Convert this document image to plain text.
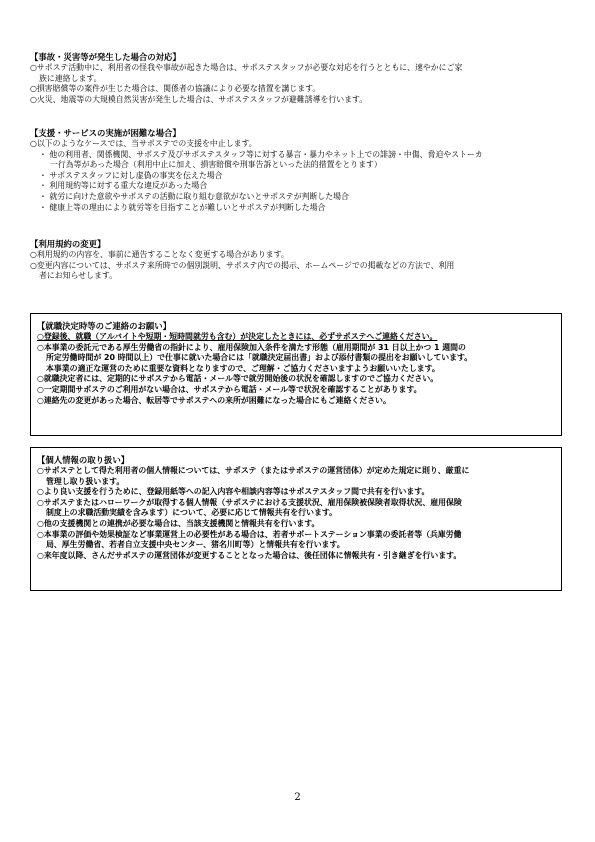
【事故・災害等が発生した場合の対応】
○サポステ活動中に、利用者の怪我や事故が起きた場合は、サポステスタッフが必要な対応を行うとともに、速やかにご家
族に連絡します。
○損害賠償等の案件が生じた場合は、関係者の協議により必要な措置を講じます。
○火災、地震等の大規模自然災害が発生した場合は、サポステスタッフが避難誘導を行います。
【支援・サービスの実施が困難な場合】
○以下のようなケースでは、当サポステでの支援を中止します。
・ 他の利用者、関係機関、サポステ及びサポステスタッフ等に対する暴言・暴力やネット上での誹謗・中傷、脅迫やストーカ
一行為等があった場合（利用中止に加え、損害賠償や刑事告訴といった法的措置をとります）
・ サポステスタッフに対し虚偽の事実を伝えた場合
・ 利用規約等に対する重大な違反があった場合
・ 就労に向けた意欲やサポステの活動に取り組む意欲がないとサポステが判断した場合
・ 健康上等の理由により就労等を目指すことが難しいとサポステが判断した場合
【利用規約の変更】
○利用規約の内容を、事前に通告することなく変更する場合があります。
○変更内容については、サポステ来所時での個別説明、サポステ内での掲示、ホームページでの掲載などの方法で、利用
者にお知らせします。
【就職決定時等のご連絡のお願い】
○登録後、就職（アルバイトや短期・短時間就労も含む）が決定したときには、必ずサポステへご連絡ください。
○本事業の委託元である厚生労働省の指針により、雇用保険加入条件を満たす形態（雇用期間が 31 日以上かつ 1 週間の
所定労働時間が 20 時間以上）で仕事に就いた場合には「就職決定届出書」および添付書類の提出をお願いしています。
本事業の適正な運営のために重要な資料となりますので、ご理解・ご協力くださいますようお願いいたします。
○就職決定者には、定期的にサポステから電話・メール等で就労開始後の状況を確認しますのでご協力ください。
○一定期間サポステのご利用がない場合は、サポステから電話・メール等で状況を確認することがあります。
○連絡先の変更があった場合、転居等でサポステへの来所が困難になった場合にもご連絡ください。
【個人情報の取り扱い】
○サポステとして得た利用者の個人情報については、サポステ（またはサポステの運営団体）が定めた規定に則り、厳重に
管理し取り扱います。
○より良い支援を行うために、登録用紙等への記入内容や相談内容等はサポステスタッフ間で共有を行います。
○サポステまたはハローワークが取得する個人情報（サポステにおける支援状況、雇用保険被保険者取得状況、雇用保険
制度上の求職活動実績を含みます）について、必要に応じて情報共有を行います。
○他の支援機関との連携が必要な場合は、当該支援機関と情報共有を行います。
○本事業の評価や効果検証など事業運営上の必要性がある場合は、若者サポートステーション事業の委託者等（兵庫労働
局、厚生労働省、若者自立支援中央センター、猪名川町等）と情報共有を行います。
○来年度以降、さんだサポステの運営団体が変更することとなった場合は、後任団体に情報共有・引き継ぎを行います。
2
